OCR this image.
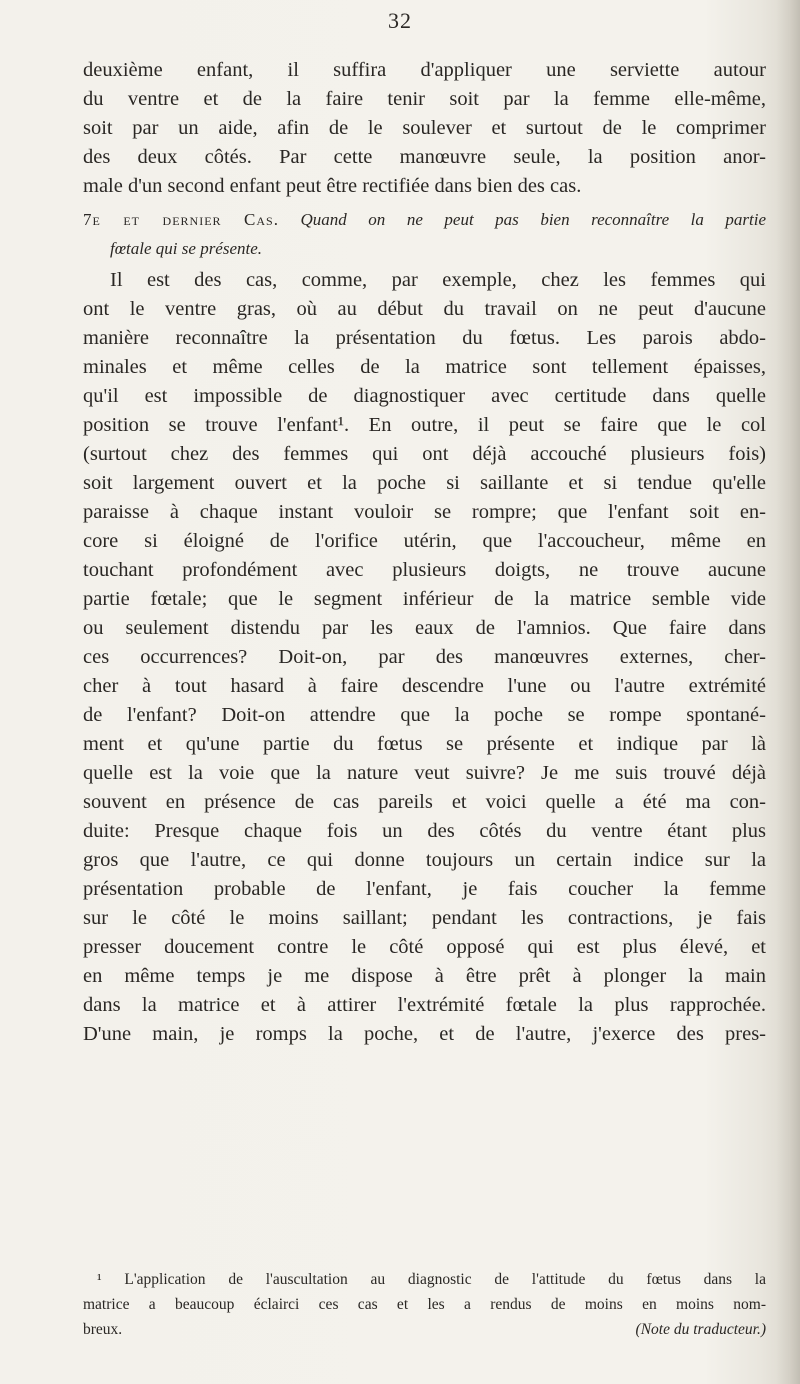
32
deuxième enfant, il suffira d'appliquer une serviette autour
du ventre et de la faire tenir soit par la femme elle-même,
soit par un aide, afin de le soulever et surtout de le comprimer
des deux côtés. Par cette manœuvre seule, la position anor-
male d'un second enfant peut être rectifiée dans bien des cas.
7e et dernier Cas. Quand on ne peut pas bien reconnaître la partie
fœtale qui se présente.
Il est des cas, comme, par exemple, chez les femmes qui
ont le ventre gras, où au début du travail on ne peut d'aucune
manière reconnaître la présentation du fœtus. Les parois abdo-
minales et même celles de la matrice sont tellement épaisses,
qu'il est impossible de diagnostiquer avec certitude dans quelle
position se trouve l'enfant¹. En outre, il peut se faire que le col
(surtout chez des femmes qui ont déjà accouché plusieurs fois)
soit largement ouvert et la poche si saillante et si tendue qu'elle
paraisse à chaque instant vouloir se rompre; que l'enfant soit en-
core si éloigné de l'orifice utérin, que l'accoucheur, même en
touchant profondément avec plusieurs doigts, ne trouve aucune
partie fœtale; que le segment inférieur de la matrice semble vide
ou seulement distendu par les eaux de l'amnios. Que faire dans
ces occurrences? Doit-on, par des manœuvres externes, cher-
cher à tout hasard à faire descendre l'une ou l'autre extrémité
de l'enfant? Doit-on attendre que la poche se rompe spontané-
ment et qu'une partie du fœtus se présente et indique par là
quelle est la voie que la nature veut suivre? Je me suis trouvé déjà
souvent en présence de cas pareils et voici quelle a été ma con-
duite: Presque chaque fois un des côtés du ventre étant plus
gros que l'autre, ce qui donne toujours un certain indice sur la
présentation probable de l'enfant, je fais coucher la femme
sur le côté le moins saillant; pendant les contractions, je fais
presser doucement contre le côté opposé qui est plus élevé, et
en même temps je me dispose à être prêt à plonger la main
dans la matrice et à attirer l'extrémité fœtale la plus rapprochée.
D'une main, je romps la poche, et de l'autre, j'exerce des pres-
¹ L'application de l'auscultation au diagnostic de l'attitude du fœtus dans la
matrice a beaucoup éclairci ces cas et les a rendus de moins en moins nom-
breux.	(Note du traducteur.)
